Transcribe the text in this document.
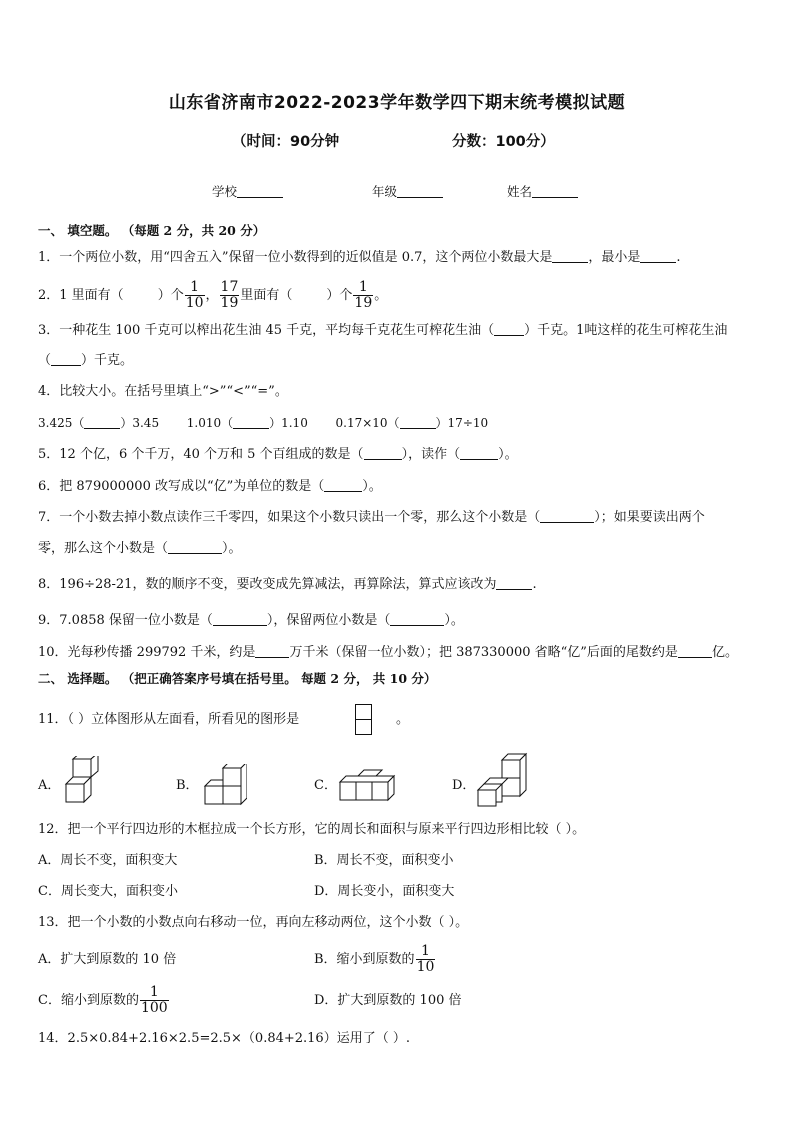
山东省济南市2022-2023学年数学四下期末统考模拟试题
（时间：90分钟	分数：100分）
学校	年级	姓名
一、 填空题。 （每题 2 分，共 20 分）
1．一个两位小数，用“四舍五入”保留一位小数得到的近似值是 0.7，这个两位小数最大是	，最小是	.
2．1 里面有（	）个 $\frac{1}{10}$ ， $\frac{17}{19}$ 里面有（	）个 $\frac{1}{19}$ 。
3．一种花生 100 千克可以榨出花生油 45 千克，平均每千克花生可榨花生油（ ）千克。1吨这样的花生可榨花生油
（ ）千克。
4．比较大小。在括号里填上“>”“<”“=”。
3.425（	）3.45 1.010（	）1.10 0.17×10（	）17÷10
5．12 个亿，6 个千万，40 个万和 5 个百组成的数是（	），读作（	）。
6．把 879000000 改写成以“亿”为单位的数是（	）。
7．一个小数去掉小数点读作三千零四，如果这个小数只读出一个零，那么这个小数是（	）；如果要读出两个
零，那么这个小数是（	）。
8．196÷28-21，数的顺序不变，要改变成先算减法，再算除法，算式应该改为	.
9．7.0858 保留一位小数是（	），保留两位小数是（	）。
10．光每秒传播 299792 千米，约是	万千米（保留一位小数）；把 387330000 省略“亿”后面的尾数约是	亿。
二、 选择题。 （把正确答案序号填在括号里。 每题 2 分， 共 10 分）
11．（ ）立体图形从左面看，所看见的图形是	。
A．	B．	C．	D．
12．把一个平行四边形的木框拉成一个长方形，它的周长和面积与原来平行四边形相比较（ ）。
A．周长不变，面积变大	B．周长不变，面积变小
C．周长变大，面积变小	D．周长变小，面积变大
13．把一个小数的小数点向右移动一位，再向左移动两位，这个小数（ ）。
A．扩大到原数的 10 倍	B．缩小到原数的 $\frac{1}{10}$
C．缩小到原数的 $\frac{1}{100}$	D．扩大到原数的 100 倍
14．2.5×0.84+2.16×2.5=2.5×（0.84+2.16）运用了（ ）.
